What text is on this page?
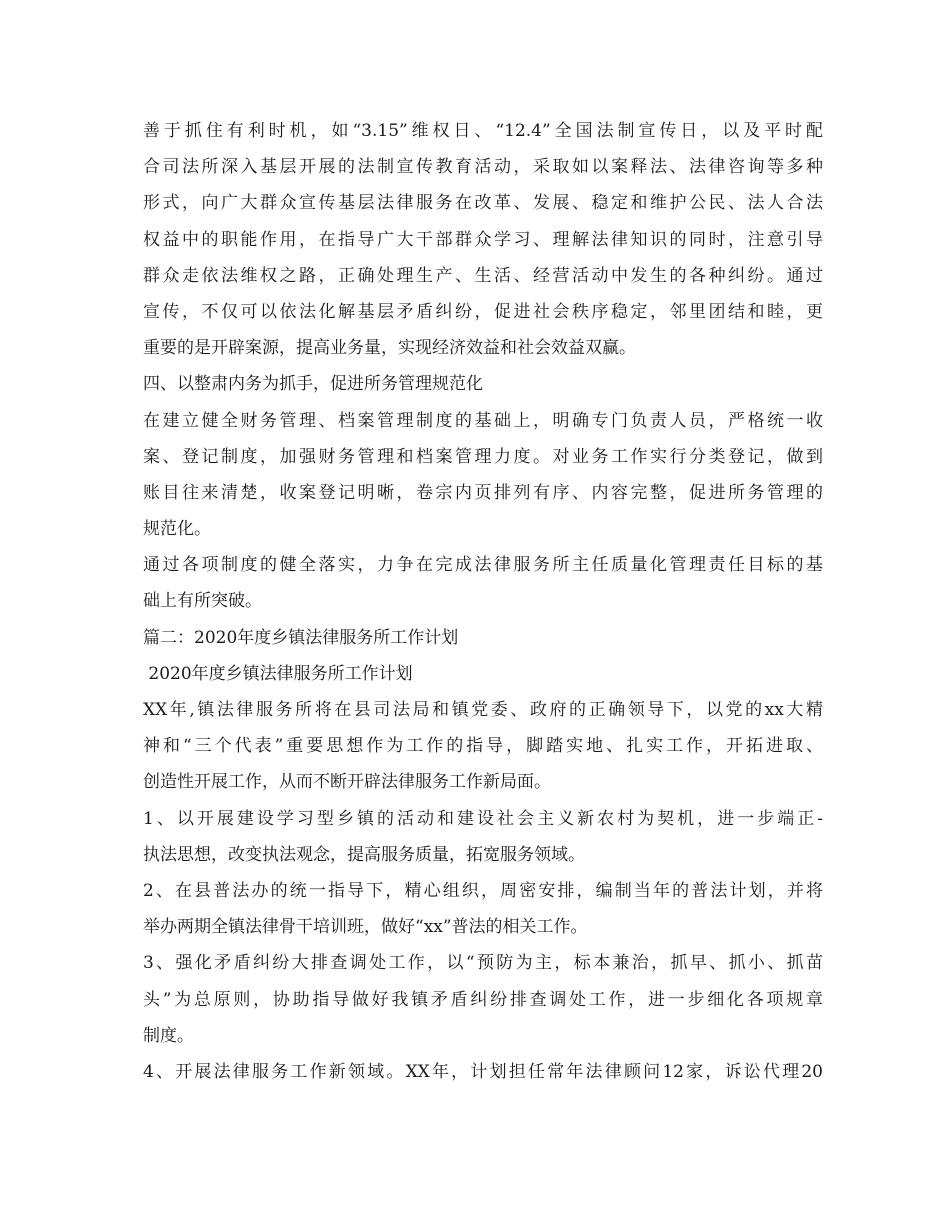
善于抓住有利时机，如“3.15”维权日、“12.4”全国法制宣传日，以及平时配
合司法所深入基层开展的法制宣传教育活动，采取如以案释法、法律咨询等多种
形式，向广大群众宣传基层法律服务在改革、发展、稳定和维护公民、法人合法
权益中的职能作用，在指导广大干部群众学习、理解法律知识的同时，注意引导
群众走依法维权之路，正确处理生产、生活、经营活动中发生的各种纠纷。通过
宣传，不仅可以依法化解基层矛盾纠纷，促进社会秩序稳定，邻里团结和睦，更
重要的是开辟案源，提高业务量，实现经济效益和社会效益双赢。
四、以整肃内务为抓手，促进所务管理规范化
在建立健全财务管理、档案管理制度的基础上，明确专门负责人员，严格统一收
案、登记制度，加强财务管理和档案管理力度。对业务工作实行分类登记，做到
账目往来清楚，收案登记明晰，卷宗内页排列有序、内容完整，促进所务管理的
规范化。
通过各项制度的健全落实，力争在完成法律服务所主任质量化管理责任目标的基
础上有所突破。
篇二：2020年度乡镇法律服务所工作计划
2020年度乡镇法律服务所工作计划
XX年,镇法律服务所将在县司法局和镇党委、政府的正确领导下，以党的xx大精
神和“三个代表”重要思想作为工作的指导，脚踏实地、扎实工作，开拓进取、
创造性开展工作，从而不断开辟法律服务工作新局面。
1、以开展建设学习型乡镇的活动和建设社会主义新农村为契机，进一步端正-
执法思想，改变执法观念，提高服务质量，拓宽服务领域。
2、在县普法办的统一指导下，精心组织，周密安排，编制当年的普法计划，并将
举办两期全镇法律骨干培训班，做好“xx”普法的相关工作。
3、强化矛盾纠纷大排查调处工作，以“预防为主，标本兼治，抓早、抓小、抓苗
头”为总原则，协助指导做好我镇矛盾纠纷排查调处工作，进一步细化各项规章
制度。
4、开展法律服务工作新领域。XX年，计划担任常年法律顾问12家，诉讼代理20
